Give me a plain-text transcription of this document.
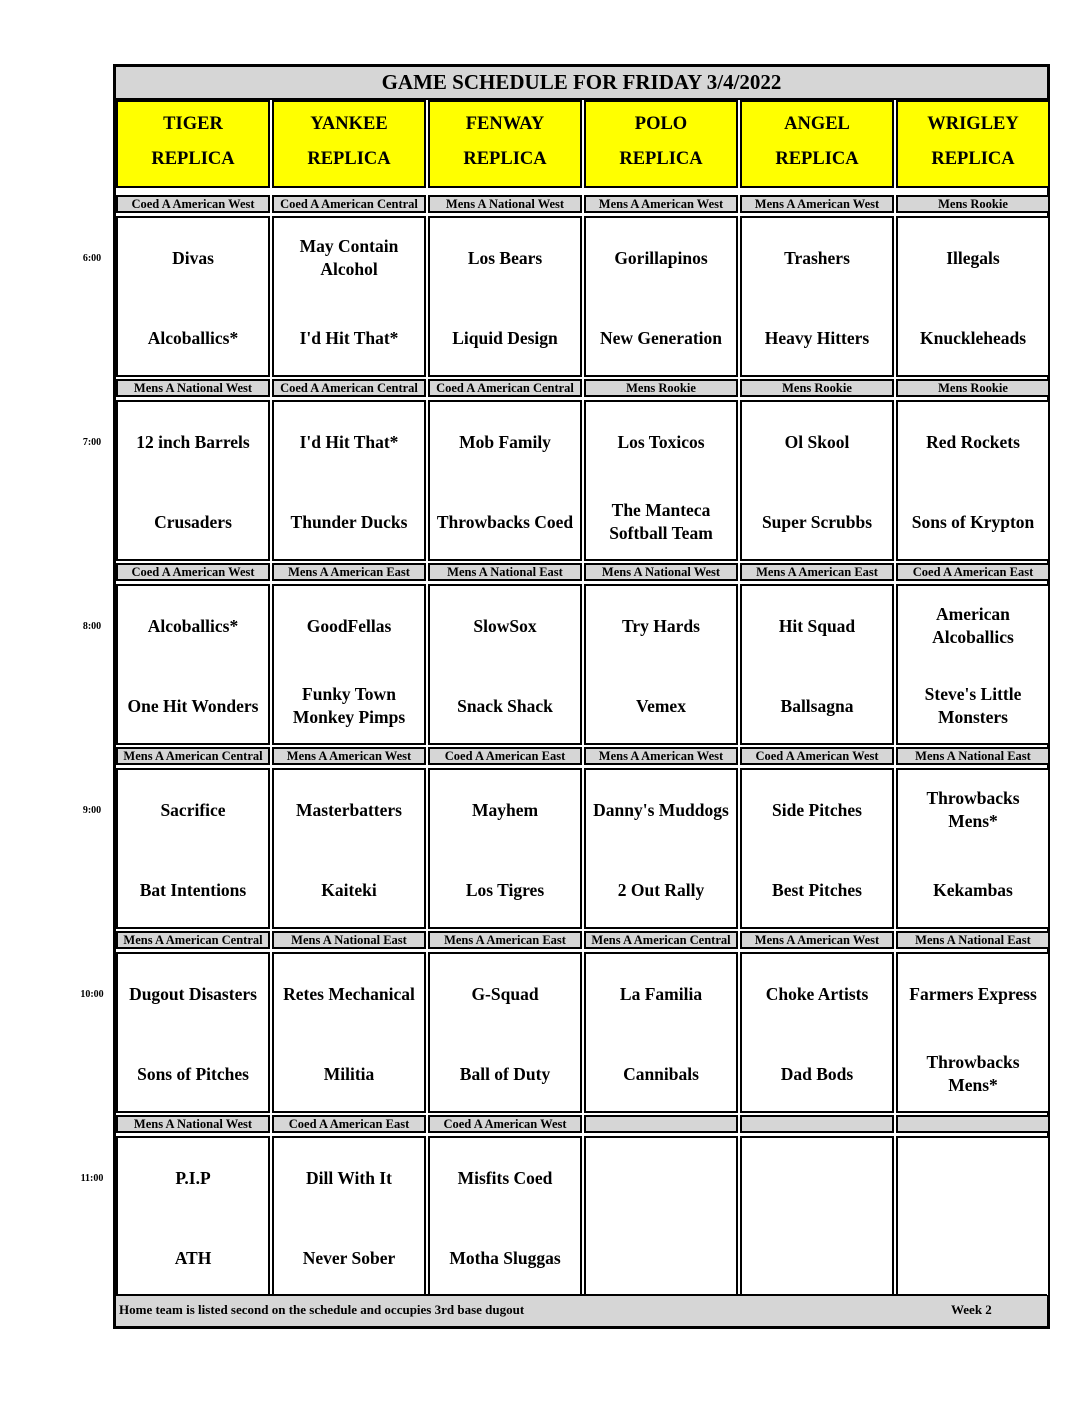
6:00
7:00
8:00
9:00
10:00
11:00
GAME SCHEDULE FOR FRIDAY 3/4/2022
TIGER
REPLICA
YANKEE
REPLICA
FENWAY
REPLICA
POLO
REPLICA
ANGEL
REPLICA
WRIGLEY
REPLICA
Coed A American West
Divas
Alcoballics*
Coed A American Central
May Contain
Alcohol
I'd Hit That*
Mens A National West
Los Bears
Liquid Design
Mens A American West
Gorillapinos
New Generation
Mens A American West
Trashers
Heavy Hitters
Mens Rookie
Illegals
Knuckleheads
Mens A National West
12 inch Barrels
Crusaders
Coed A American Central
I'd Hit That*
Thunder Ducks
Coed A American Central
Mob Family
Throwbacks Coed
Mens Rookie
Los Toxicos
The Manteca
Softball Team
Mens Rookie
Ol Skool
Super Scrubbs
Mens Rookie
Red Rockets
Sons of Krypton
Coed A American West
Alcoballics*
One Hit Wonders
Mens A American East
GoodFellas
Funky Town
Monkey Pimps
Mens A National East
SlowSox
Snack Shack
Mens A National West
Try Hards
Vemex
Mens A American East
Hit Squad
Ballsagna
Coed A American East
American
Alcoballics
Steve's Little
Monsters
Mens A American Central
Sacrifice
Bat Intentions
Mens A American West
Masterbatters
Kaiteki
Coed A American East
Mayhem
Los Tigres
Mens A American West
Danny's Muddogs
2 Out Rally
Coed A American West
Side Pitches
Best Pitches
Mens A National East
Throwbacks
Mens*
Kekambas
Mens A American Central
Dugout Disasters
Sons of Pitches
Mens A National East
Retes Mechanical
Militia
Mens A American East
G-Squad
Ball of Duty
Mens A American Central
La Familia
Cannibals
Mens A American West
Choke Artists
Dad Bods
Mens A National East
Farmers Express
Throwbacks
Mens*
Mens A National West
P.I.P
ATH
Coed A American East
Dill With It
Never Sober
Coed A American West
Misfits Coed
Motha Sluggas
Home team is listed second on the schedule and occupies 3rd base dugout	Week 2
